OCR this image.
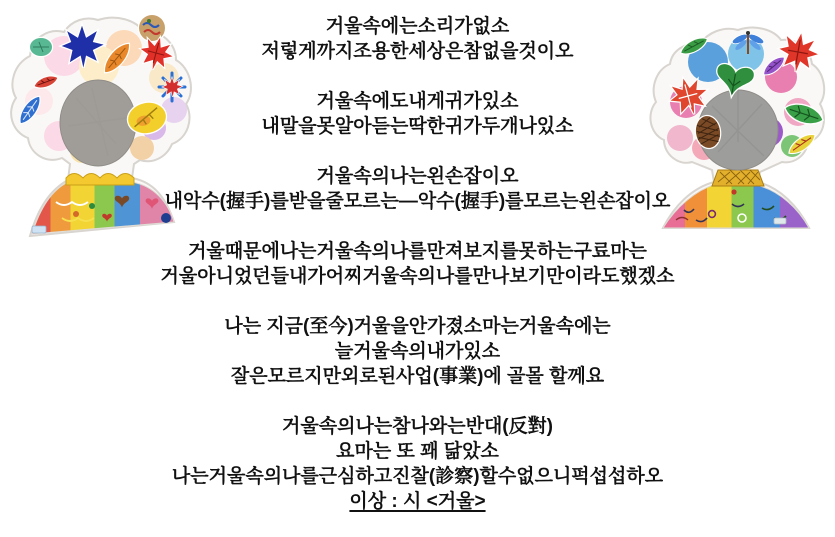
거울속에는소리가없소
저렇게까지조용한세상은참없을것이오
거울속에도내게귀가있소
내말을못알아듣는딱한귀가두개나있소
거울속의나는왼손잡이오
내악수(握手)를받을줄모르는—악수(握手)를모르는왼손잡이오
거울때문에나는거울속의나를만져보지를못하는구료마는
거울아니었던들내가어찌거울속의나를만나보기만이라도했겠소
나는 지금(至今)거울을안가졌소마는거울속에는
늘거울속의내가있소
잘은모르지만외로된사업(事業)에 골몰 할께요
거울속의나는참나와는반대(反對)
요마는 또 꽤 닮았소
나는거울속의나를근심하고진찰(診察)할수없으니퍽섭섭하오
이상 : 시 <거울>
